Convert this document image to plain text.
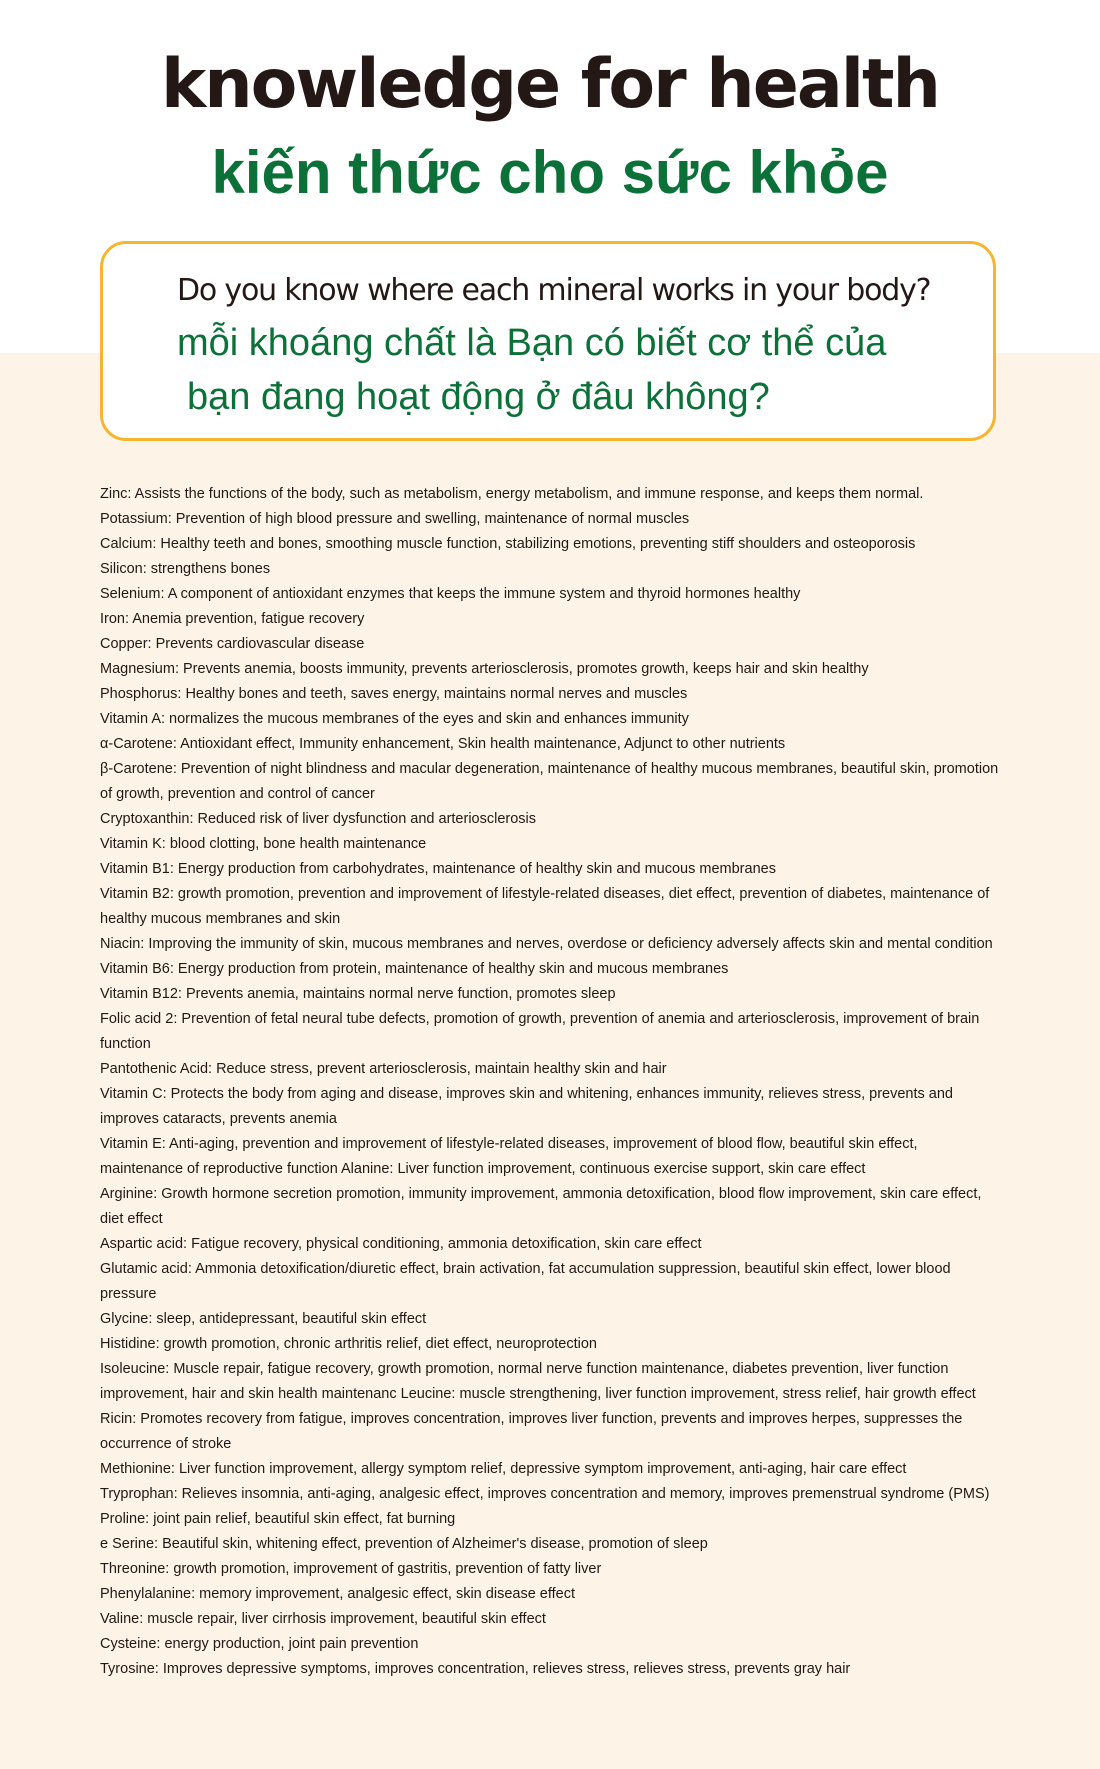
knowledge for health
kiến thức cho sức khỏe
Do you know where each mineral works in your body?
mỗi khoáng chất là Bạn có biết cơ thể của
bạn đang hoạt động ở đâu không?

Zinc: Assists the functions of the body, such as metabolism, energy metabolism, and immune response, and keeps them normal.

Potassium: Prevention of high blood pressure and swelling, maintenance of normal muscles

Calcium: Healthy teeth and bones, smoothing muscle function, stabilizing emotions, preventing stiff shoulders and osteoporosis

Silicon: strengthens bones

Selenium: A component of antioxidant enzymes that keeps the immune system and thyroid hormones healthy

Iron: Anemia prevention, fatigue recovery

Copper: Prevents cardiovascular disease

Magnesium: Prevents anemia, boosts immunity, prevents arteriosclerosis, promotes growth, keeps hair and skin healthy

Phosphorus: Healthy bones and teeth, saves energy, maintains normal nerves and muscles

Vitamin A: normalizes the mucous membranes of the eyes and skin and enhances immunity

α-Carotene: Antioxidant effect, Immunity enhancement, Skin health maintenance, Adjunct to other nutrients

β-Carotene: Prevention of night blindness and macular degeneration, maintenance of healthy mucous membranes, beautiful skin, promotion of growth, prevention and control of cancer

Cryptoxanthin: Reduced risk of liver dysfunction and arteriosclerosis

Vitamin K: blood clotting, bone health maintenance

Vitamin B1: Energy production from carbohydrates, maintenance of healthy skin and mucous membranes

Vitamin B2: growth promotion, prevention and improvement of lifestyle-related diseases, diet effect, prevention of diabetes, maintenance of healthy mucous membranes and skin

Niacin: Improving the immunity of skin, mucous membranes and nerves, overdose or deficiency adversely affects skin and mental condition

Vitamin B6: Energy production from protein, maintenance of healthy skin and mucous membranes

Vitamin B12: Prevents anemia, maintains normal nerve function, promotes sleep

Folic acid 2: Prevention of fetal neural tube defects, promotion of growth, prevention of anemia and arteriosclerosis, improvement of brain function

Pantothenic Acid: Reduce stress, prevent arteriosclerosis, maintain healthy skin and hair

Vitamin C: Protects the body from aging and disease, improves skin and whitening, enhances immunity, relieves stress, prevents and improves cataracts, prevents anemia

Vitamin E: Anti-aging, prevention and improvement of lifestyle-related diseases, improvement of blood flow, beautiful skin effect, maintenance of reproductive function Alanine: Liver function improvement, continuous exercise support, skin care effect

Arginine: Growth hormone secretion promotion, immunity improvement, ammonia detoxification, blood flow improvement, skin care effect, diet effect

Aspartic acid: Fatigue recovery, physical conditioning, ammonia detoxification, skin care effect

Glutamic acid: Ammonia detoxification/diuretic effect, brain activation, fat accumulation suppression, beautiful skin effect, lower blood pressure

Glycine: sleep, antidepressant, beautiful skin effect

Histidine: growth promotion, chronic arthritis relief, diet effect, neuroprotection

Isoleucine: Muscle repair, fatigue recovery, growth promotion, normal nerve function maintenance, diabetes prevention, liver function improvement, hair and skin health maintenanc Leucine: muscle strengthening, liver function improvement, stress relief, hair growth effect

Ricin: Promotes recovery from fatigue, improves concentration, improves liver function, prevents and improves herpes, suppresses the occurrence of stroke

Methionine: Liver function improvement, allergy symptom relief, depressive symptom improvement, anti-aging, hair care effect

Tryprophan: Relieves insomnia, anti-aging, analgesic effect, improves concentration and memory, improves premenstrual syndrome (PMS)

Proline: joint pain relief, beautiful skin effect, fat burning

e Serine: Beautiful skin, whitening effect, prevention of Alzheimer's disease, promotion of sleep

Threonine: growth promotion, improvement of gastritis, prevention of fatty liver

Phenylalanine: memory improvement, analgesic effect, skin disease effect

Valine: muscle repair, liver cirrhosis improvement, beautiful skin effect

Cysteine: energy production, joint pain prevention

Tyrosine: Improves depressive symptoms, improves concentration, relieves stress, relieves stress, prevents gray hair
